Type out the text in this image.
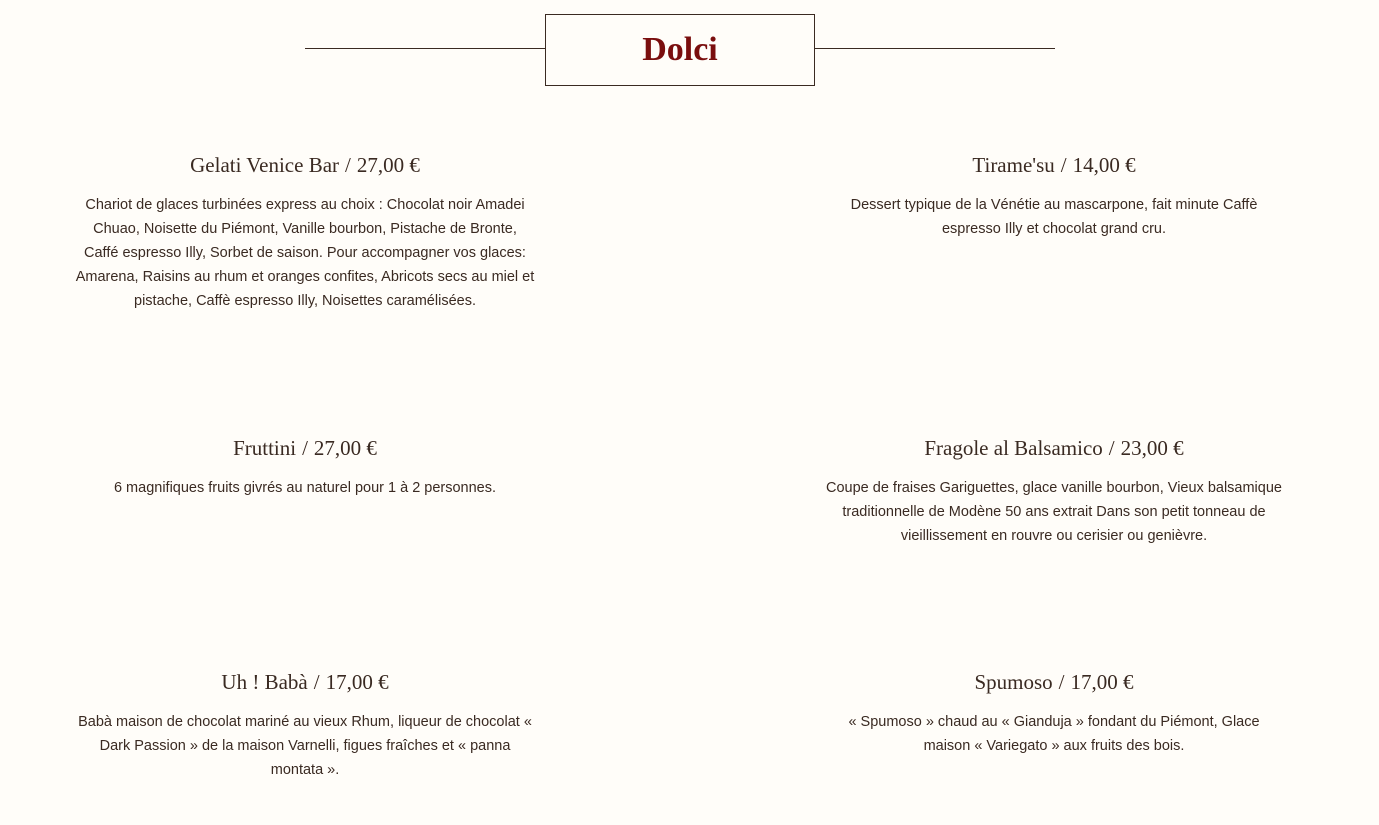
Dolci

Gelati Venice Bar / 27,00 €

Chariot de glaces turbinées express au choix : Chocolat noir Amadei Chuao, Noisette du Piémont, Vanille bourbon, Pistache de Bronte, Caffé espresso Illy, Sorbet de saison. Pour accompagner vos glaces: Amarena, Raisins au rhum et oranges confites, Abricots secs au miel et pistache, Caffè espresso Illy, Noisettes caramélisées.

Tirame'su / 14,00 €

Dessert typique de la Vénétie au mascarpone, fait minute Caffè espresso Illy et chocolat grand cru.

Fruttini / 27,00 €

6 magnifiques fruits givrés au naturel pour 1 à 2 personnes.

Fragole al Balsamico / 23,00 €

Coupe de fraises Gariguettes, glace vanille bourbon, Vieux balsamique traditionnelle de Modène 50 ans extrait Dans son petit tonneau de vieillissement en rouvre ou cerisier ou genièvre.

Uh ! Babà / 17,00 €

Babà maison de chocolat mariné au vieux Rhum, liqueur de chocolat « Dark Passion » de la maison Varnelli, figues fraîches et « panna montata ».

Spumoso / 17,00 €

« Spumoso » chaud au « Gianduja » fondant du Piémont, Glace maison « Variegato » aux fruits des bois.
